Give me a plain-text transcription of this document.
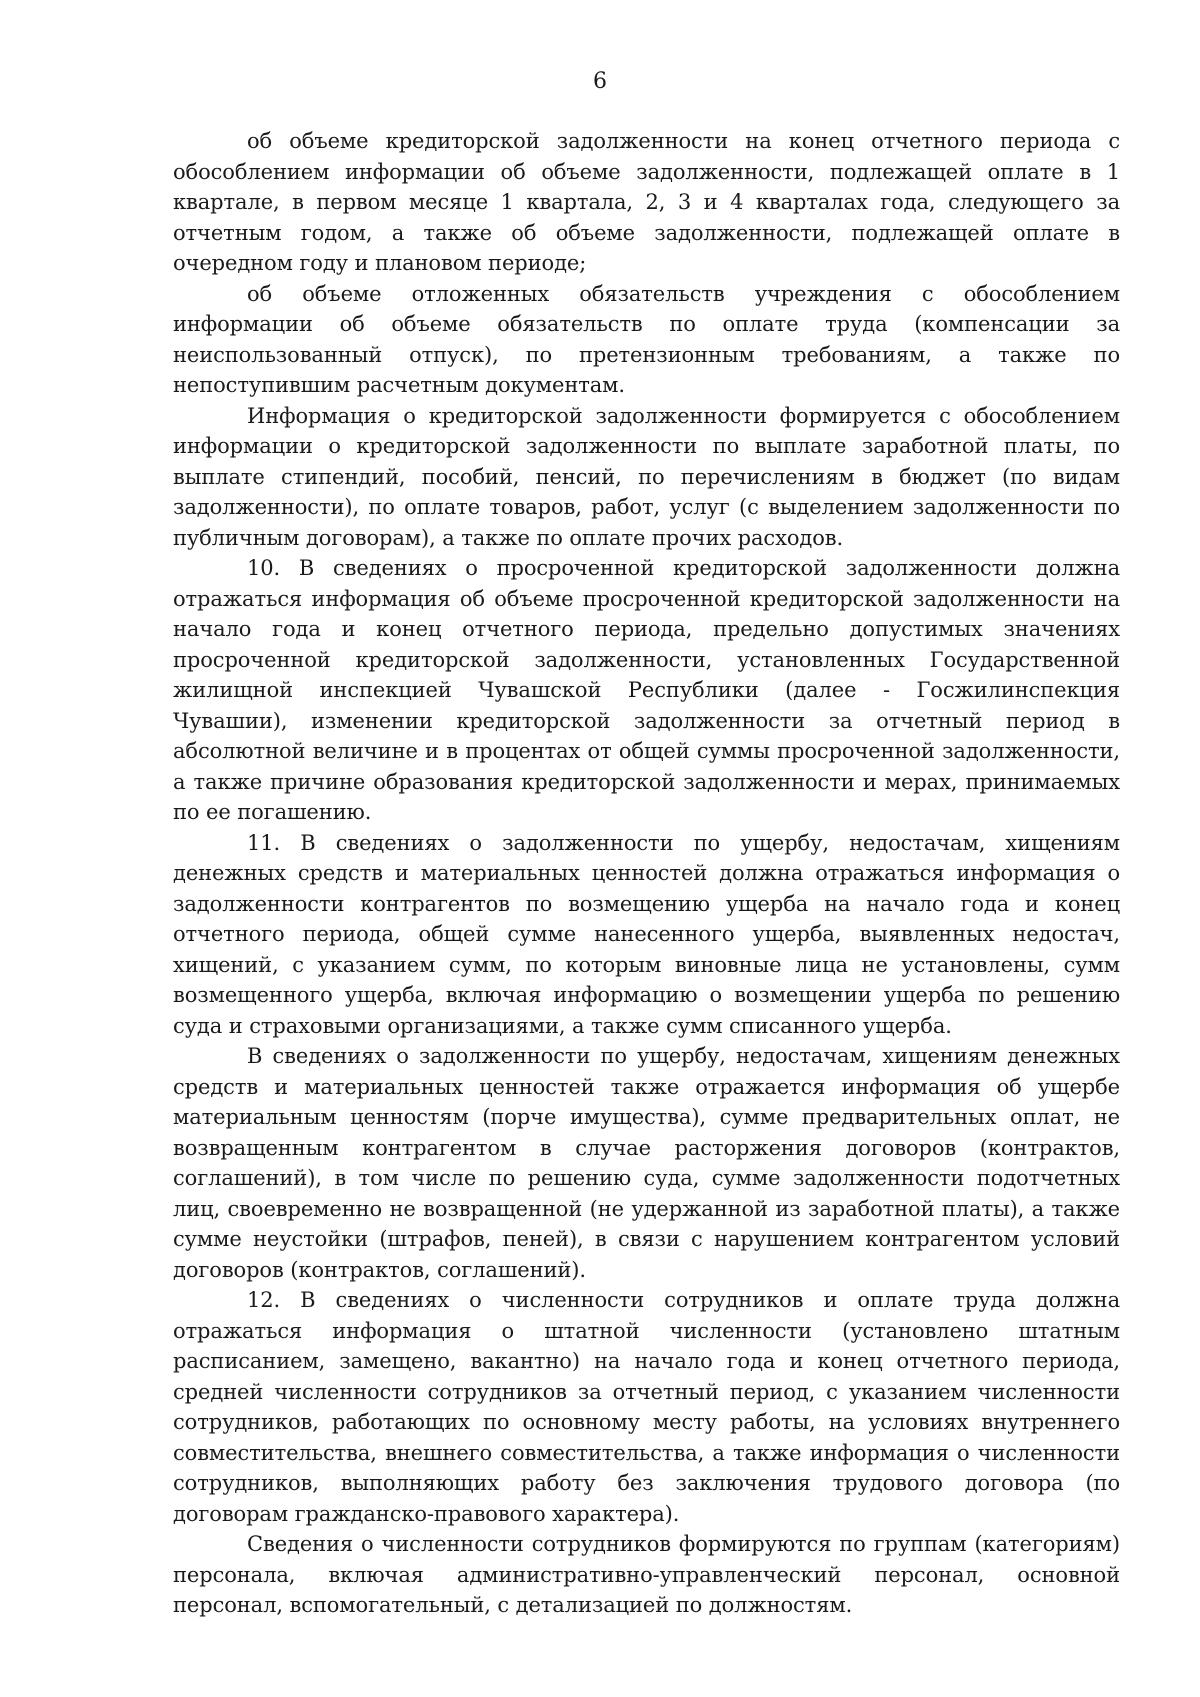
6

об объеме кредиторской задолженности на конец отчетного периода с обособлением информации об объеме задолженности, подлежащей оплате в 1 квартале, в первом месяце 1 квартала, 2, 3 и 4 кварталах года, следующего за отчетным годом, а также об объеме задолженности, подлежащей оплате в очередном году и плановом периоде;

об объеме отложенных обязательств учреждения с обособлением информации об объеме обязательств по оплате труда (компенсации за неиспользованный отпуск), по претензионным требованиям, а также по непоступившим расчетным документам.

Информация о кредиторской задолженности формируется с обособлением информации о кредиторской задолженности по выплате заработной платы, по выплате стипендий, пособий, пенсий, по перечислениям в бюджет (по видам задолженности), по оплате товаров, работ, услуг (с выделением задолженности по публичным договорам), а также по оплате прочих расходов.

10. В сведениях о просроченной кредиторской задолженности должна отражаться информация об объеме просроченной кредиторской задолженности на начало года и конец отчетного периода, предельно допустимых значениях просроченной кредиторской задолженности, установленных Государственной жилищной инспекцией Чувашской Республики (далее - Госжилинспекция Чувашии), изменении кредиторской задолженности за отчетный период в абсолютной величине и в процентах от общей суммы просроченной задолженности, а также причине образования кредиторской задолженности и мерах, принимаемых по ее погашению.

11. В сведениях о задолженности по ущербу, недостачам, хищениям денежных средств и материальных ценностей должна отражаться информация о задолженности контрагентов по возмещению ущерба на начало года и конец отчетного периода, общей сумме нанесенного ущерба, выявленных недостач, хищений, с указанием сумм, по которым виновные лица не установлены, сумм возмещенного ущерба, включая информацию о возмещении ущерба по решению суда и страховыми организациями, а также сумм списанного ущерба.

В сведениях о задолженности по ущербу, недостачам, хищениям денежных средств и материальных ценностей также отражается информация об ущербе материальным ценностям (порче имущества), сумме предварительных оплат, не возвращенным контрагентом в случае расторжения договоров (контрактов, соглашений), в том числе по решению суда, сумме задолженности подотчетных лиц, своевременно не возвращенной (не удержанной из заработной платы), а также сумме неустойки (штрафов, пеней), в связи с нарушением контрагентом условий договоров (контрактов, соглашений).

12. В сведениях о численности сотрудников и оплате труда должна отражаться информация о штатной численности (установлено штатным расписанием, замещено, вакантно) на начало года и конец отчетного периода, средней численности сотрудников за отчетный период, с указанием численности сотрудников, работающих по основному месту работы, на условиях внутреннего совместительства, внешнего совместительства, а также информация о численности сотрудников, выполняющих работу без заключения трудового договора (по договорам гражданско-правового характера).

Сведения о численности сотрудников формируются по группам (категориям) персонала, включая административно-управленческий персонал, основной персонал, вспомогательный, с детализацией по должностям.
